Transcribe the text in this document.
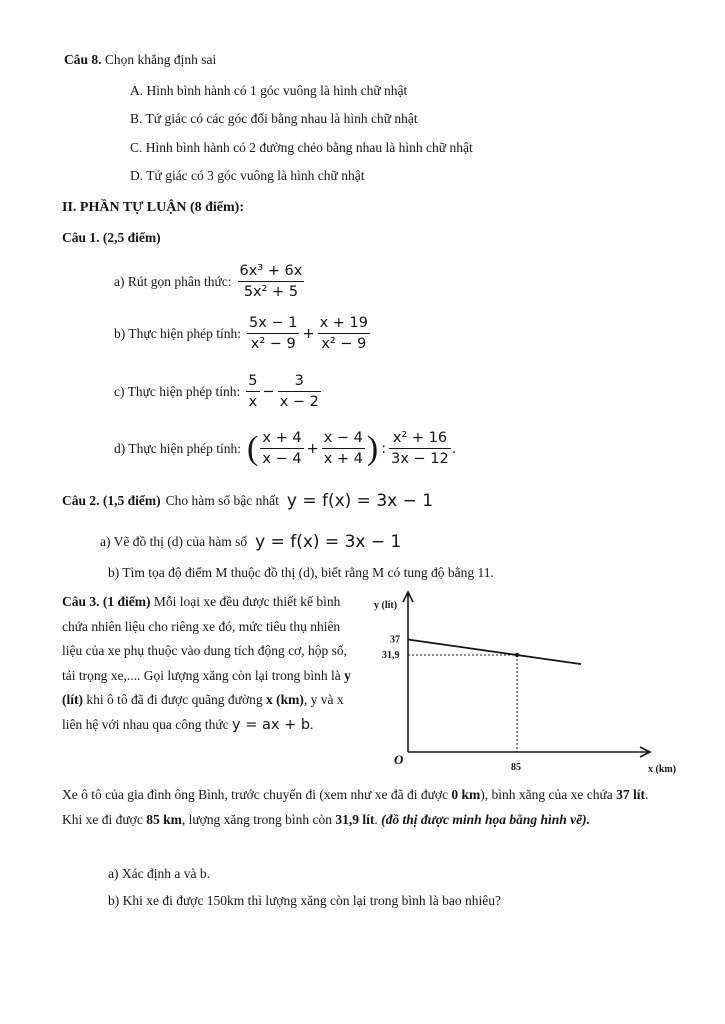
Câu 8. Chọn khẳng định sai
A. Hình bình hành có 1 góc vuông là hình chữ nhật
B. Tứ giác có các góc đối bằng nhau là hình chữ nhật
C. Hình bình hành có 2 đường chéo bằng nhau là hình chữ nhật
D. Tứ giác có 3 góc vuông là hình chữ nhật
II. PHẦN TỰ LUẬN (8 điểm):
Câu 1. (2,5 điểm)
a) Rút gọn phân thức: $\frac{\text{6x³ + 6x}}{\text{5x² + 5}}$
b) Thực hiện phép tính: $\frac{5x - 1}{\text{x² − 9}} + \frac{x + 19}{\text{x² − 9}}$
c) Thực hiện phép tính: $\frac{5}{x} - \frac{3}{x - 2}$
d) Thực hiện phép tính: ( $\frac{x + 4}{x - 4} + \frac{x - 4}{x + 4}$ ) : $\frac{\text{x² + 16}}{3x - 12}$ .
Câu 2. (1,5 điểm) Cho hàm số bậc nhất y = f(x) = 3x − 1
a) Vẽ đồ thị (d) của hàm số y = f(x) = 3x − 1
b) Tìm tọa độ điểm M thuộc đồ thị (d), biết rằng M có tung độ bằng 11.
Câu 3. (1 điểm) Mỗi loại xe đều được thiết kế bình chứa nhiên liệu cho riêng xe đó, mức tiêu thụ nhiên liệu của xe phụ thuộc vào dung tích động cơ, hộp số, tải trọng xe,.... Gọi lượng xăng còn lại trong bình là y (lít) khi ô tô đã đi được quãng đường x (km), y và x liên hệ với nhau qua công thức y = ax + b.
y (lít)
x (km)
O
37
31,9
85
Xe ô tô của gia đình ông Bình, trước chuyến đi (xem như xe đã đi được 0 km), bình xăng của xe chứa 37 lít. Khi xe đi được 85 km, lượng xăng trong bình còn 31,9 lít. (đồ thị được minh họa bằng hình vẽ).
a) Xác định a và b.
b) Khi xe đi được 150km thì lượng xăng còn lại trong bình là bao nhiêu?
